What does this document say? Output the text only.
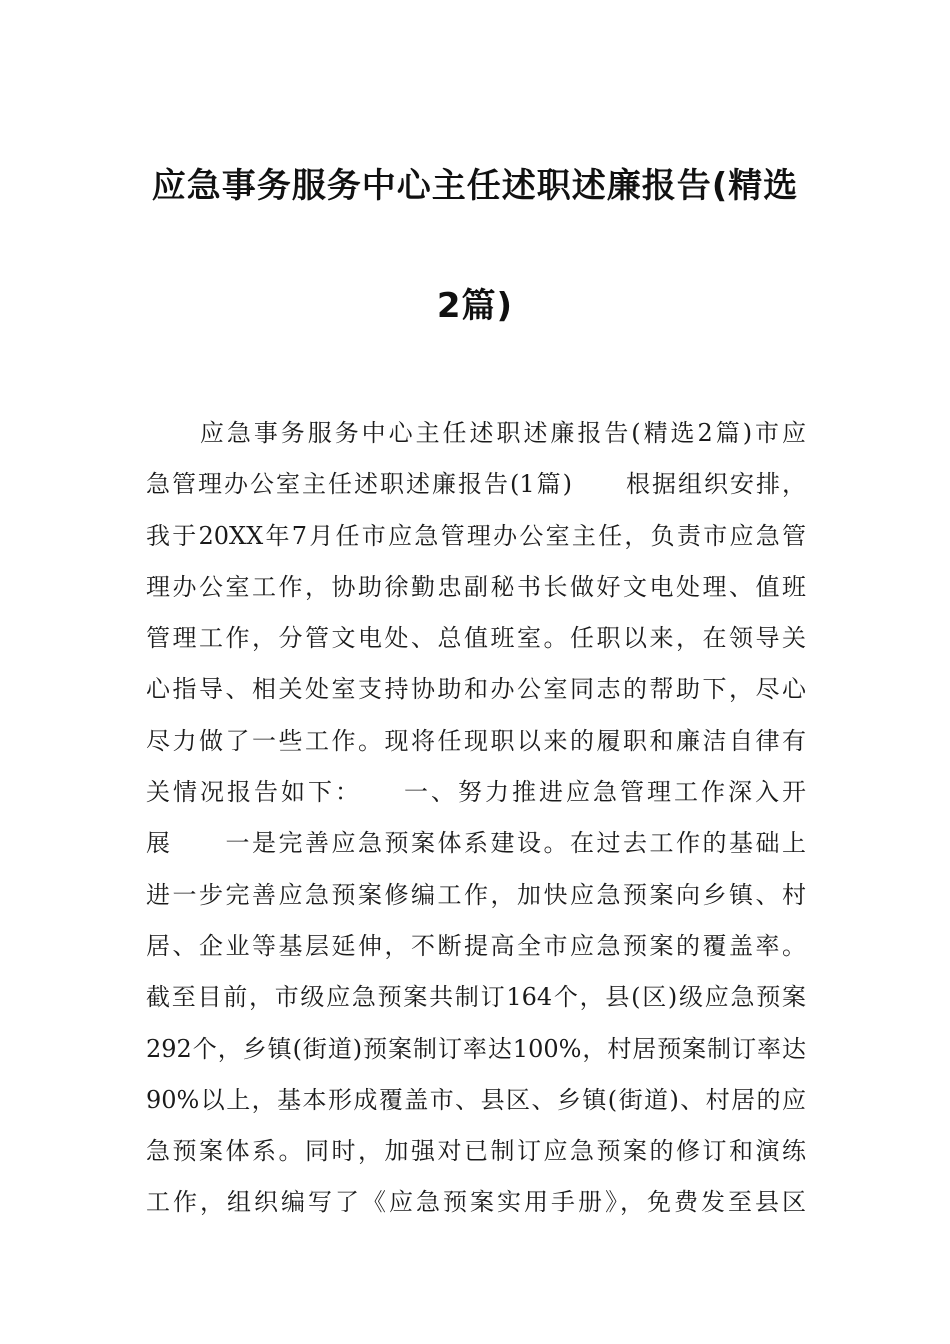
应急事务服务中心主任述职述廉报告(精选
2篇)
　　应急事务服务中心主任述职述廉报告(精选2篇)市应
急管理办公室主任述职述廉报告(1篇)　　根据组织安排，
我于20XX年7月任市应急管理办公室主任，负责市应急管
理办公室工作，协助徐勤忠副秘书长做好文电处理、值班
管理工作，分管文电处、总值班室。任职以来，在领导关
心指导、相关处室支持协助和办公室同志的帮助下，尽心
尽力做了一些工作。现将任现职以来的履职和廉洁自律有
关情况报告如下：　　一、努力推进应急管理工作深入开
展　　一是完善应急预案体系建设。在过去工作的基础上
进一步完善应急预案修编工作，加快应急预案向乡镇、村
居、企业等基层延伸，不断提高全市应急预案的覆盖率。
截至目前，市级应急预案共制订164个，县(区)级应急预案
292个，乡镇(街道)预案制订率达100%，村居预案制订率达
90%以上，基本形成覆盖市、县区、乡镇(街道)、村居的应
急预案体系。同时，加强对已制订应急预案的修订和演练
工作，组织编写了《应急预案实用手册》，免费发至县区
